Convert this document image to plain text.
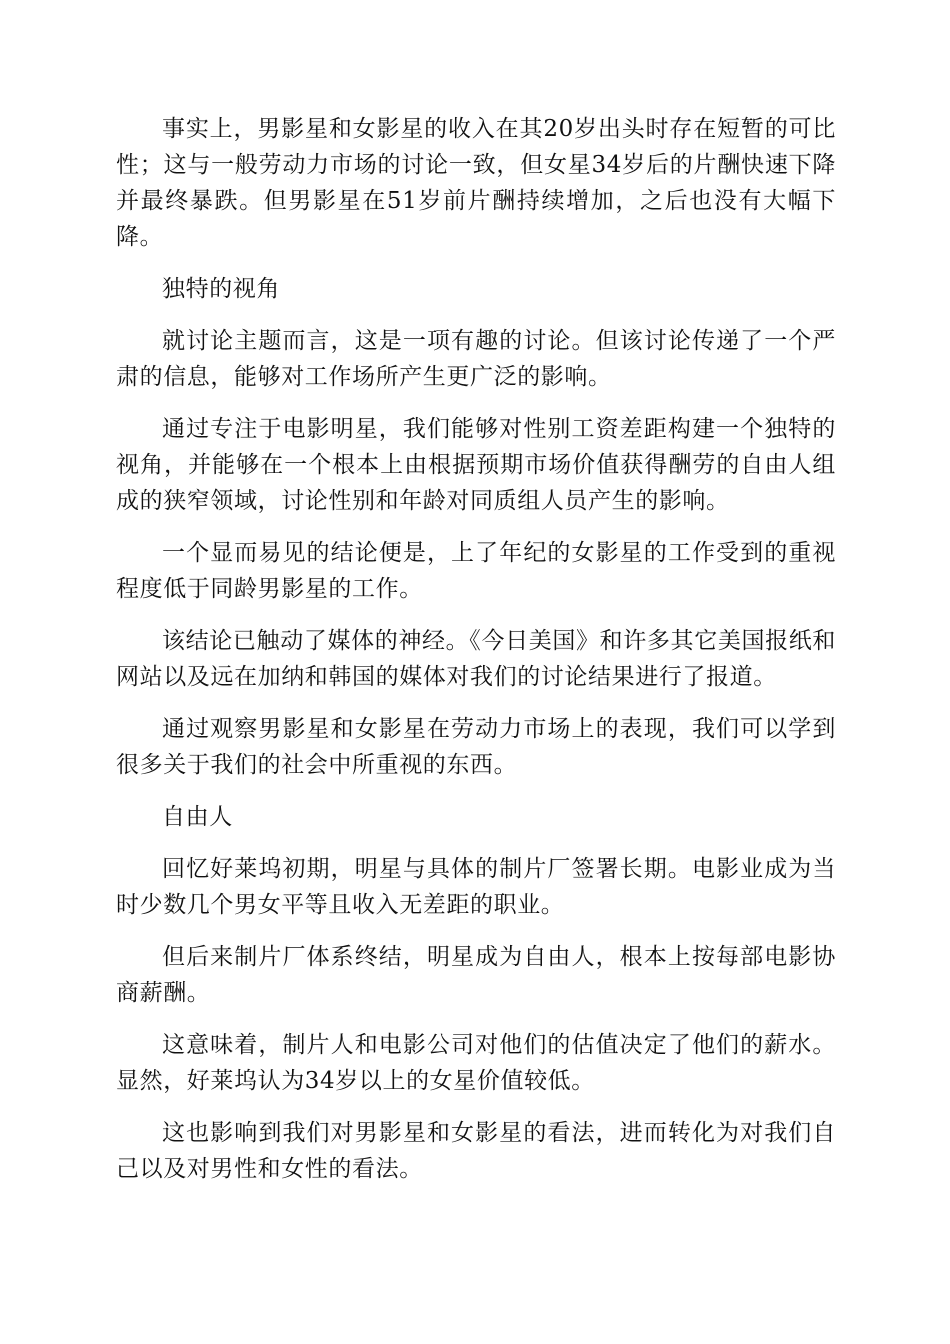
事实上，男影星和女影星的收入在其20岁出头时存在短暂的可比性；这与一般劳动力市场的讨论一致，但女星34岁后的片酬快速下降并最终暴跌。但男影星在51岁前片酬持续增加，之后也没有大幅下降。

独特的视角

就讨论主题而言，这是一项有趣的讨论。但该讨论传递了一个严肃的信息，能够对工作场所产生更广泛的影响。

通过专注于电影明星，我们能够对性别工资差距构建一个独特的视角，并能够在一个根本上由根据预期市场价值获得酬劳的自由人组成的狭窄领域，讨论性别和年龄对同质组人员产生的影响。

一个显而易见的结论便是，上了年纪的女影星的工作受到的重视程度低于同龄男影星的工作。

该结论已触动了媒体的神经。《今日美国》和许多其它美国报纸和网站以及远在加纳和韩国的媒体对我们的讨论结果进行了报道。

通过观察男影星和女影星在劳动力市场上的表现，我们可以学到很多关于我们的社会中所重视的东西。

自由人

回忆好莱坞初期，明星与具体的制片厂签署长期。电影业成为当时少数几个男女平等且收入无差距的职业。

但后来制片厂体系终结，明星成为自由人，根本上按每部电影协商薪酬。

这意味着，制片人和电影公司对他们的估值决定了他们的薪水。显然，好莱坞认为34岁以上的女星价值较低。

这也影响到我们对男影星和女影星的看法，进而转化为对我们自己以及对男性和女性的看法。
